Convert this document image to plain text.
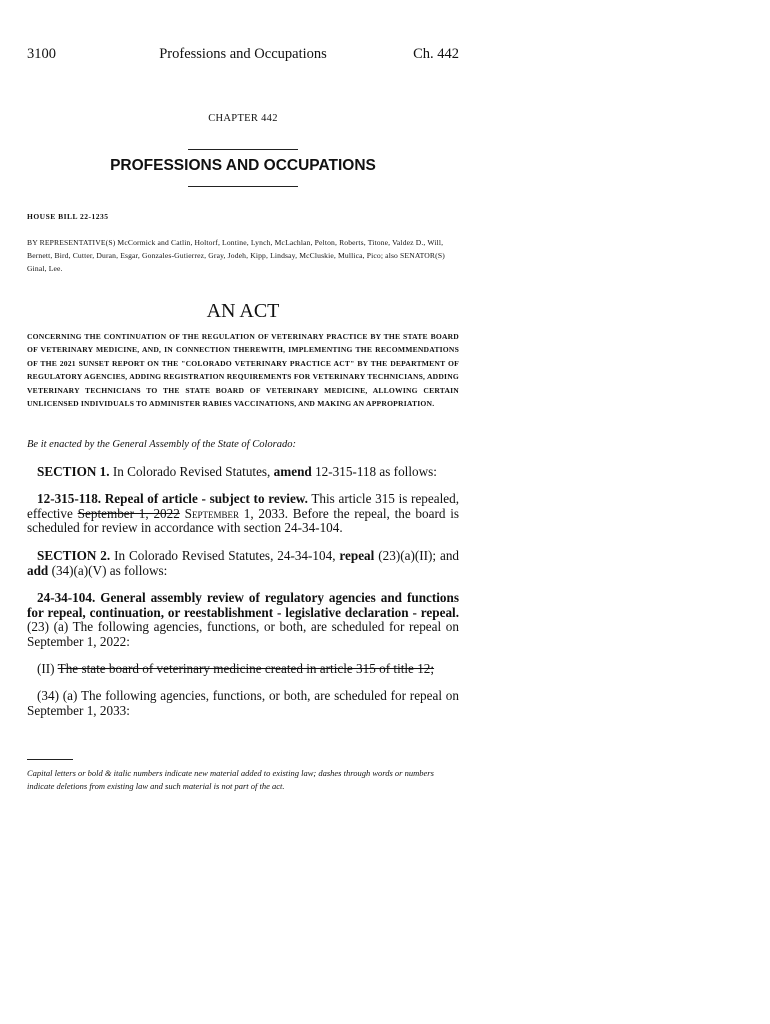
3100	Professions and Occupations	Ch. 442
CHAPTER 442
PROFESSIONS AND OCCUPATIONS
HOUSE BILL 22-1235
BY REPRESENTATIVE(S) McCormick and Catlin, Holtorf, Lontine, Lynch, McLachlan, Pelton, Roberts, Titone, Valdez D., Will, Bernett, Bird, Cutter, Duran, Esgar, Gonzales-Gutierrez, Gray, Jodeh, Kipp, Lindsay, McCluskie, Mullica, Pico; also SENATOR(S) Ginal, Lee.
AN ACT
CONCERNING THE CONTINUATION OF THE REGULATION OF VETERINARY PRACTICE BY THE STATE BOARD OF VETERINARY MEDICINE, AND, IN CONNECTION THEREWITH, IMPLEMENTING THE RECOMMENDATIONS OF THE 2021 SUNSET REPORT ON THE "COLORADO VETERINARY PRACTICE ACT" BY THE DEPARTMENT OF REGULATORY AGENCIES, ADDING REGISTRATION REQUIREMENTS FOR VETERINARY TECHNICIANS, ADDING VETERINARY TECHNICIANS TO THE STATE BOARD OF VETERINARY MEDICINE, ALLOWING CERTAIN UNLICENSED INDIVIDUALS TO ADMINISTER RABIES VACCINATIONS, AND MAKING AN APPROPRIATION.
Be it enacted by the General Assembly of the State of Colorado:
SECTION 1. In Colorado Revised Statutes, amend 12-315-118 as follows:
12-315-118. Repeal of article - subject to review. This article 315 is repealed, effective September 1, 2022 September 1, 2033. Before the repeal, the board is scheduled for review in accordance with section 24-34-104.
SECTION 2. In Colorado Revised Statutes, 24-34-104, repeal (23)(a)(II); and add (34)(a)(V) as follows:
24-34-104. General assembly review of regulatory agencies and functions for repeal, continuation, or reestablishment - legislative declaration - repeal. (23) (a) The following agencies, functions, or both, are scheduled for repeal on September 1, 2022:
(II) The state board of veterinary medicine created in article 315 of title 12;
(34) (a) The following agencies, functions, or both, are scheduled for repeal on September 1, 2033:
Capital letters or bold & italic numbers indicate new material added to existing law; dashes through words or numbers indicate deletions from existing law and such material is not part of the act.
